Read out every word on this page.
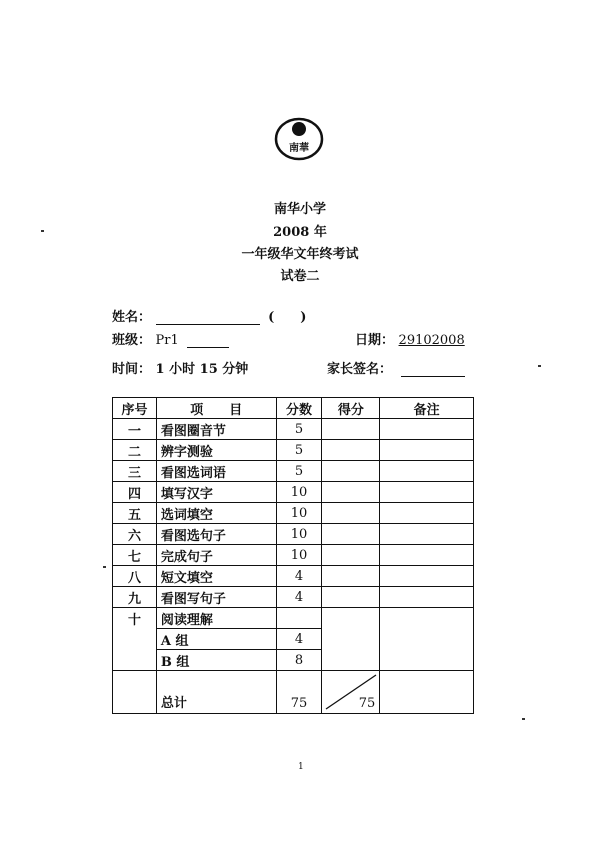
南華
南华小学
2008 年
一年级华文年终考试
试卷二
姓名：	(　　)
班级： Pr1	日期： 29102008
时间： 1 小时 15 分钟	家长签名：
序号	项　　目	分数	得分	备注
一	看图圈音节	5		
二	辨字测验	5		
三	看图选词语	5		
四	填写汉字	10		
五	选词填空	10		
六	看图选句子	10		
七	完成句子	10		
八	短文填空	4		
九	看图写句子	4		
十	阅读理解			
	A 组	4		
	B 组	8		
	总计	75	75	

1
